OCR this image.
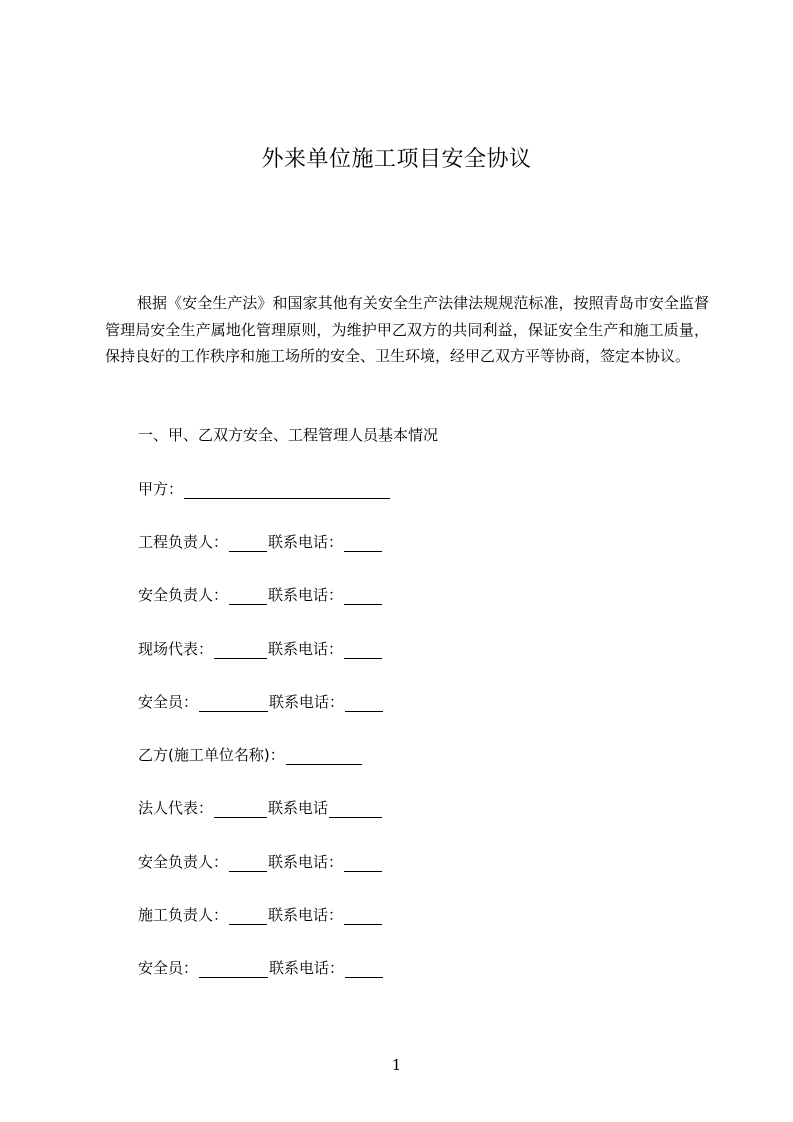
外来单位施工项目安全协议
根据《安全生产法》和国家其他有关安全生产法律法规规范标准，按照青岛市安全监督管理局安全生产属地化管理原则，为维护甲乙双方的共同利益，保证安全生产和施工质量，保持良好的工作秩序和施工场所的安全、卫生环境，经甲乙双方平等协商，签定本协议。
一、甲、乙双方安全、工程管理人员基本情况
甲方：
工程负责人：	联系电话：
安全负责人：	联系电话：
现场代表：	联系电话：
安全员：	联系电话：
乙方(施工单位名称)：
法人代表：	联系电话
安全负责人：	联系电话：
施工负责人：	联系电话：
安全员：	联系电话：
1
